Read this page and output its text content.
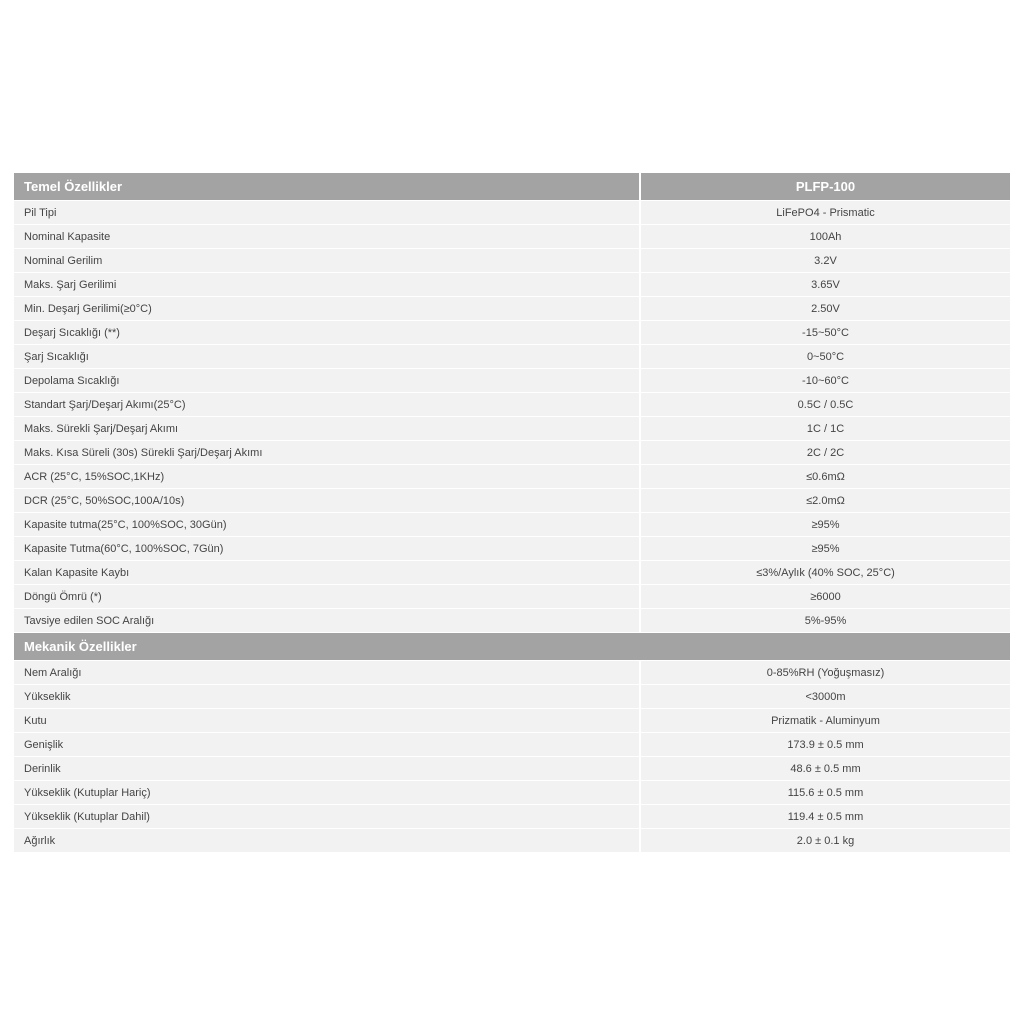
Temel Özellikler	PLFP-100
Pil Tipi	LiFePO4 - Prismatic
Nominal Kapasite	100Ah
Nominal Gerilim	3.2V
Maks. Şarj Gerilimi	3.65V
Min. Deşarj Gerilimi(≥0°C)	2.50V
Deşarj Sıcaklığı (**)	-15~50°C
Şarj Sıcaklığı	0~50°C
Depolama Sıcaklığı	-10~60°C
Standart Şarj/Deşarj Akımı(25°C)	0.5C / 0.5C
Maks. Sürekli Şarj/Deşarj Akımı	1C / 1C
Maks. Kısa Süreli (30s) Sürekli Şarj/Deşarj Akımı	2C / 2C
ACR (25°C, 15%SOC,1KHz)	≤0.6mΩ
DCR (25°C, 50%SOC,100A/10s)	≤2.0mΩ
Kapasite tutma(25°C, 100%SOC, 30Gün)	≥95%
Kapasite Tutma(60°C, 100%SOC, 7Gün)	≥95%
Kalan Kapasite Kaybı	≤3%/Aylık (40% SOC, 25°C)
Döngü Ömrü (*)	≥6000
Tavsiye edilen SOC Aralığı	5%-95%
Mekanik Özellikler	
Nem Aralığı	0-85%RH (Yoğuşmasız)
Yükseklik	<3000m
Kutu	Prizmatik - Aluminyum
Genişlik	173.9 ± 0.5 mm
Derinlik	48.6 ± 0.5 mm
Yükseklik (Kutuplar Hariç)	115.6 ± 0.5 mm
Yükseklik (Kutuplar Dahil)	119.4 ± 0.5 mm
Ağırlık	2.0 ± 0.1 kg
